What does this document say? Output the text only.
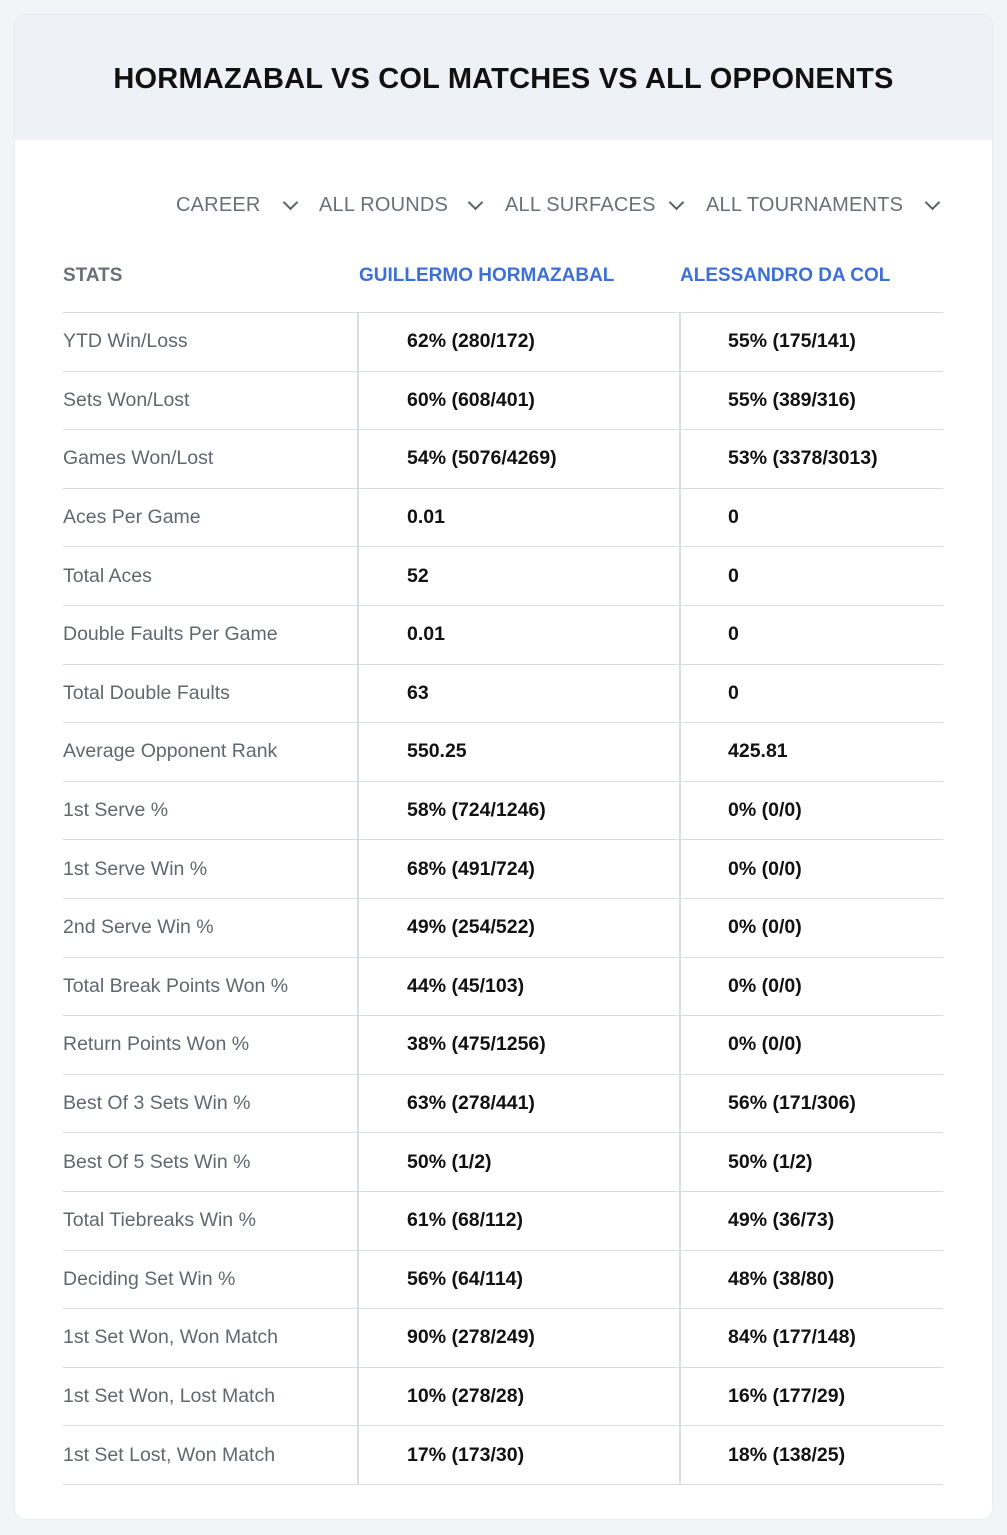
HORMAZABAL VS COL MATCHES VS ALL OPPONENTS
CAREER	ALL ROUNDS	ALL SURFACES	ALL TOURNAMENTS
STATS	GUILLERMO HORMAZABAL	ALESSANDRO DA COL
YTD Win/Loss	62% (280/172)	55% (175/141)
Sets Won/Lost	60% (608/401)	55% (389/316)
Games Won/Lost	54% (5076/4269)	53% (3378/3013)
Aces Per Game	0.01	0
Total Aces	52	0
Double Faults Per Game	0.01	0
Total Double Faults	63	0
Average Opponent Rank	550.25	425.81
1st Serve %	58% (724/1246)	0% (0/0)
1st Serve Win %	68% (491/724)	0% (0/0)
2nd Serve Win %	49% (254/522)	0% (0/0)
Total Break Points Won %	44% (45/103)	0% (0/0)
Return Points Won %	38% (475/1256)	0% (0/0)
Best Of 3 Sets Win %	63% (278/441)	56% (171/306)
Best Of 5 Sets Win %	50% (1/2)	50% (1/2)
Total Tiebreaks Win %	61% (68/112)	49% (36/73)
Deciding Set Win %	56% (64/114)	48% (38/80)
1st Set Won, Won Match	90% (278/249)	84% (177/148)
1st Set Won, Lost Match	10% (278/28)	16% (177/29)
1st Set Lost, Won Match	17% (173/30)	18% (138/25)
